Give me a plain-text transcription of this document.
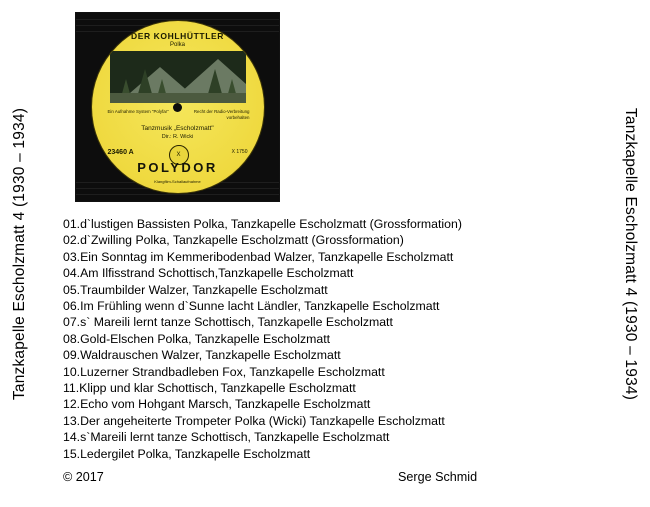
Tanzkapelle Escholzmatt 4 (1930 – 1934)	Tanzkapelle Escholzmatt 4 (1930 – 1934)
DER KOHLHÜTTLER
Polka
Ein Aufnahme System "Polyfar"	Recht der Radio-Verbreitung vorbehalten
Tanzmusik „Escholzmatt"
Dir.: R. Wicki
23460 A	X	X 1750
POLYDOR
Klangfilm-Schallaufnahme
01.d`lustigen Bassisten Polka, Tanzkapelle Escholzmatt (Grossformation)
02.d`Zwilling Polka, Tanzkapelle Escholzmatt (Grossformation)
03.Ein Sonntag im Kemmeribodenbad Walzer, Tanzkapelle Escholzmatt
04.Am Ilfisstrand Schottisch,Tanzkapelle Escholzmatt
05.Traumbilder Walzer, Tanzkapelle Escholzmatt
06.Im Frühling wenn d`Sunne lacht Ländler, Tanzkapelle Escholzmatt
07.s` Mareili lernt tanze Schottisch, Tanzkapelle Escholzmatt
08.Gold-Elschen Polka, Tanzkapelle Escholzmatt
09.Waldrauschen Walzer, Tanzkapelle Escholzmatt
10.Luzerner Strandbadleben Fox, Tanzkapelle Escholzmatt
11.Klipp und klar Schottisch, Tanzkapelle Escholzmatt
12.Echo vom Hohgant Marsch, Tanzkapelle Escholzmatt
13.Der angeheiterte Trompeter Polka (Wicki) Tanzkapelle Escholzmatt
14.s`Mareili lernt tanze Schottisch, Tanzkapelle Escholzmatt
15.Ledergilet Polka, Tanzkapelle Escholzmatt
© 2017	Serge Schmid
